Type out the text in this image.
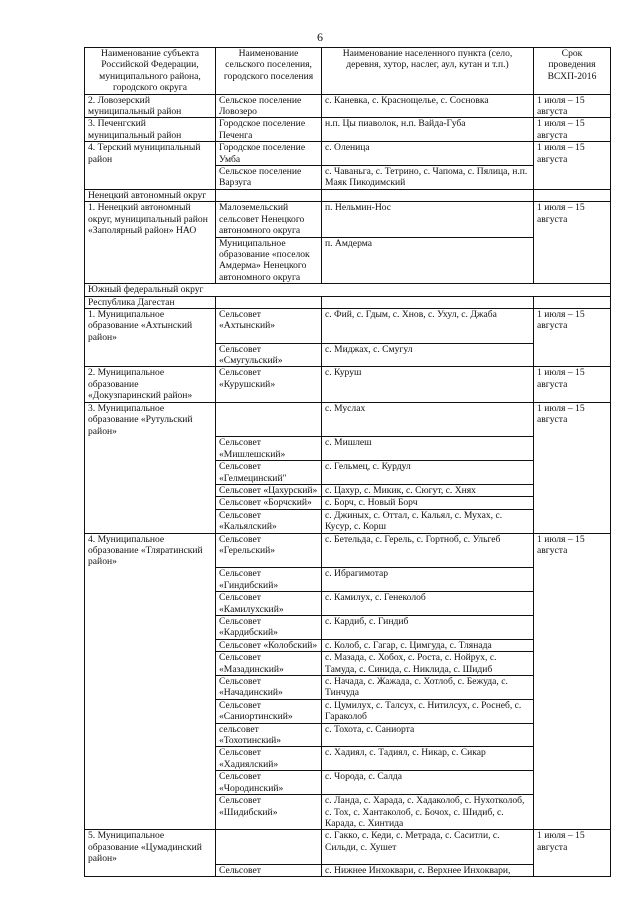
6
Наименование субъекта Российской Федерации, муниципального района, городского округа	Наименование сельского поселения, городского поселения	Наименование населенного пункта (село, деревня, хутор, наслег, аул, кутан и т.п.)	Срок проведения ВСХП-2016
2. Ловозерский муниципальный район	Сельское поселение Ловозеро	с. Каневка, с. Краснощелье, с. Сосновка	1 июля – 15 августа
3. Печенгский муниципальный район	Городское поселение Печенга	н.п. Цы пиаволок, н.п. Вайда-Губа	1 июля – 15 августа
4. Терский муниципальный район	Городское поселение Умба	с. Оленица	1 июля – 15 августа
	Сельское поселение Варзуга	с. Чаваньга, с. Тетрино, с. Чапома, с. Пялица, н.п. Маяк Пикодимский	
Ненецкий автономный округ			
1. Ненецкий автономный округ, муниципальный район «Заполярный район» НАО	Малоземельский сельсовет Ненецкого автономного округа	п. Нельмин-Нос	1 июля – 15 августа
	Муниципальное образование «поселок Амдерма» Ненецкого автономного округа	п. Амдерма	
Южный федеральный округ			
Республика Дагестан			
1. Муниципальное образование «Ахтынский район»	Сельсовет «Ахтынский»	с. Фий, с. Гдым, с. Хнов, с. Ухул, с. Джаба	1 июля – 15 августа
	Сельсовет «Смугульский»	с. Миджах, с. Смугул	
2. Муниципальное образование «Докузпаринский район»	Сельсовет «Курушский»	с. Куруш	1 июля – 15 августа
3. Муниципальное образование «Рутульский район»		с. Муслах	1 июля – 15 августа
	Сельсовет «Мишлешский»	с. Мишлеш	
	Сельсовет «Гелмецинский"	с. Гельмец, с. Курдул	
	Сельсовет «Цахурский»	с. Цахур, с. Микик, с. Сюгут, с. Хнях	
	Сельсовет «Борчский»	с. Борч, с. Новый Борч	
	Сельсовет «Кальялский»	с. Джиных, с. Оттал, с. Кальял, с. Мухах, с. Кусур, с. Корш	
4. Муниципальное образование «Тляратинский район»	Сельсовет «Герельский»	с. Бетельда, с. Герель, с. Гортноб, с. Ульгеб	1 июля – 15 августа
	Сельсовет «Гиндибский»	с. Ибрагимотар	
	Сельсовет «Камилухский»	с. Камилух, с. Генеколоб	
	Сельсовет «Кардибский»	с. Кардиб, с. Гиндиб	
	Сельсовет «Колобский»	с. Колоб, с. Гагар, с. Цимгуда, с. Тлянада	
	Сельсовет «Мазадинский»	с. Мазада, с. Хобох, с. Роста, с. Нойрух, с. Тамуда, с. Синида, с. Никлида, с. Шидиб	
	Сельсовет «Начадинский»	с. Начада, с. Жажада, с. Хотлоб, с. Бежуда, с. Тинчуда	
	Сельсовет «Саниортинский»	с. Цумилух, с. Талсух, с. Нитилсух, с. Роснеб, с. Гараколоб	
	сельсовет «Тохотинский»	с. Тохота, с. Саниорта	
	Сельсовет «Хадиялский»	с. Хадиял, с. Тадиял, с. Никар, с. Сикар	
	Сельсовет «Чородинский»	с. Чорода, с. Салда	
	Сельсовет «Шидибский»	с. Ланда, с. Харада, с. Хадаколоб, с. Нухотколоб, с. Тох, с. Хантаколоб, с. Бочох, с. Шидиб, с. Карада, с. Хинтида	
5. Муниципальное образование «Цумадинский район»		с. Гакко, с. Кеди, с. Метрада, с. Саситли, с. Сильди, с. Хушет	1 июля – 15 августа
	Сельсовет	с. Нижнее Инхоквари, с. Верхнее Инхоквари,	
